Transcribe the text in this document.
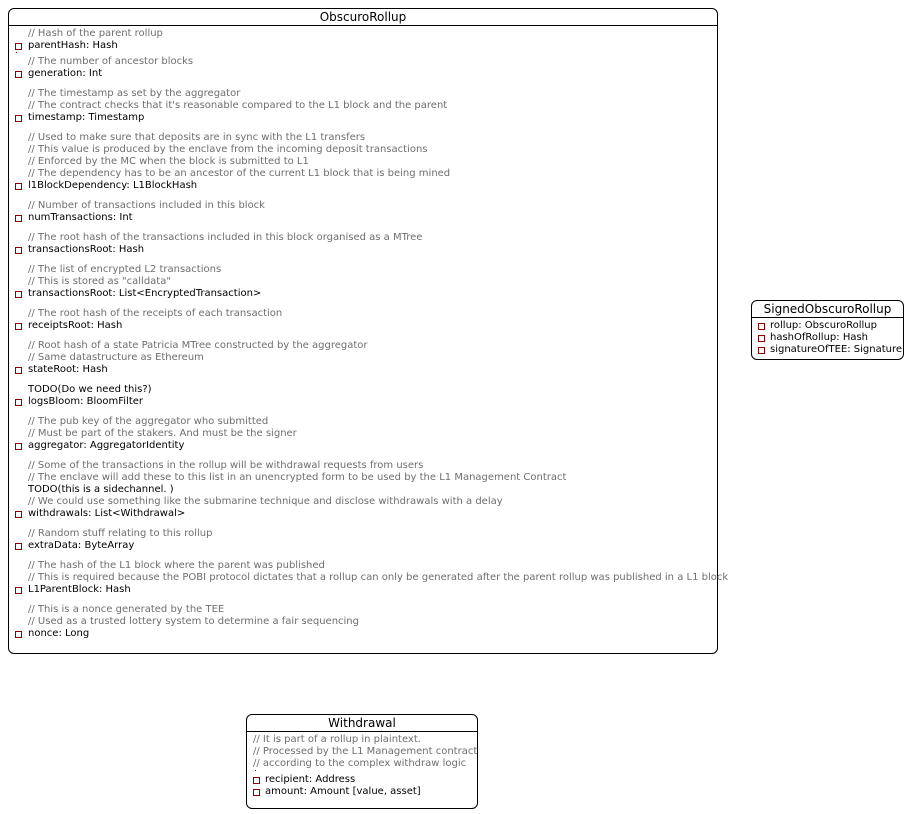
ObscuroRollup
// Hash of the parent rollup
parentHash: Hash
// The number of ancestor blocks
generation: Int
// The timestamp as set by the aggregator
// The contract checks that it's reasonable compared to the L1 block and the parent
timestamp: Timestamp
// Used to make sure that deposits are in sync with the L1 transfers
// This value is produced by the enclave from the incoming deposit transactions
// Enforced by the MC when the block is submitted to L1
// The dependency has to be an ancestor of the current L1 block that is being mined
l1BlockDependency: L1BlockHash
// Number of transactions included in this block
numTransactions: Int
// The root hash of the transactions included in this block organised as a MTree
transactionsRoot: Hash
// The list of encrypted L2 transactions
// This is stored as "calldata"
transactionsRoot: List<EncryptedTransaction>
// The root hash of the receipts of each transaction
receiptsRoot: Hash
// Root hash of a state Patricia MTree constructed by the aggregator
// Same datastructure as Ethereum
stateRoot: Hash
TODO(Do we need this?)
logsBloom: BloomFilter
// The pub key of the aggregator who submitted
// Must be part of the stakers. And must be the signer
aggregator: AggregatorIdentity
// Some of the transactions in the rollup will be withdrawal requests from users
// The enclave will add these to this list in an unencrypted form to be used by the L1 Management Contract
TODO(this is a sidechannel. )
// We could use something like the submarine technique and disclose withdrawals with a delay
withdrawals: List<Withdrawal>
// Random stuff relating to this rollup
extraData: ByteArray
// The hash of the L1 block where the parent was published
// This is required because the POBI protocol dictates that a rollup can only be generated after the parent rollup was published in a L1 block
L1ParentBlock: Hash
// This is a nonce generated by the TEE
// Used as a trusted lottery system to determine a fair sequencing
nonce: Long
SignedObscuroRollup
rollup: ObscuroRollup
hashOfRollup: Hash
signatureOfTEE: Signature
Withdrawal
// It is part of a rollup in plaintext.
// Processed by the L1 Management contract
// according to the complex withdraw logic
recipient: Address
amount: Amount [value, asset]
